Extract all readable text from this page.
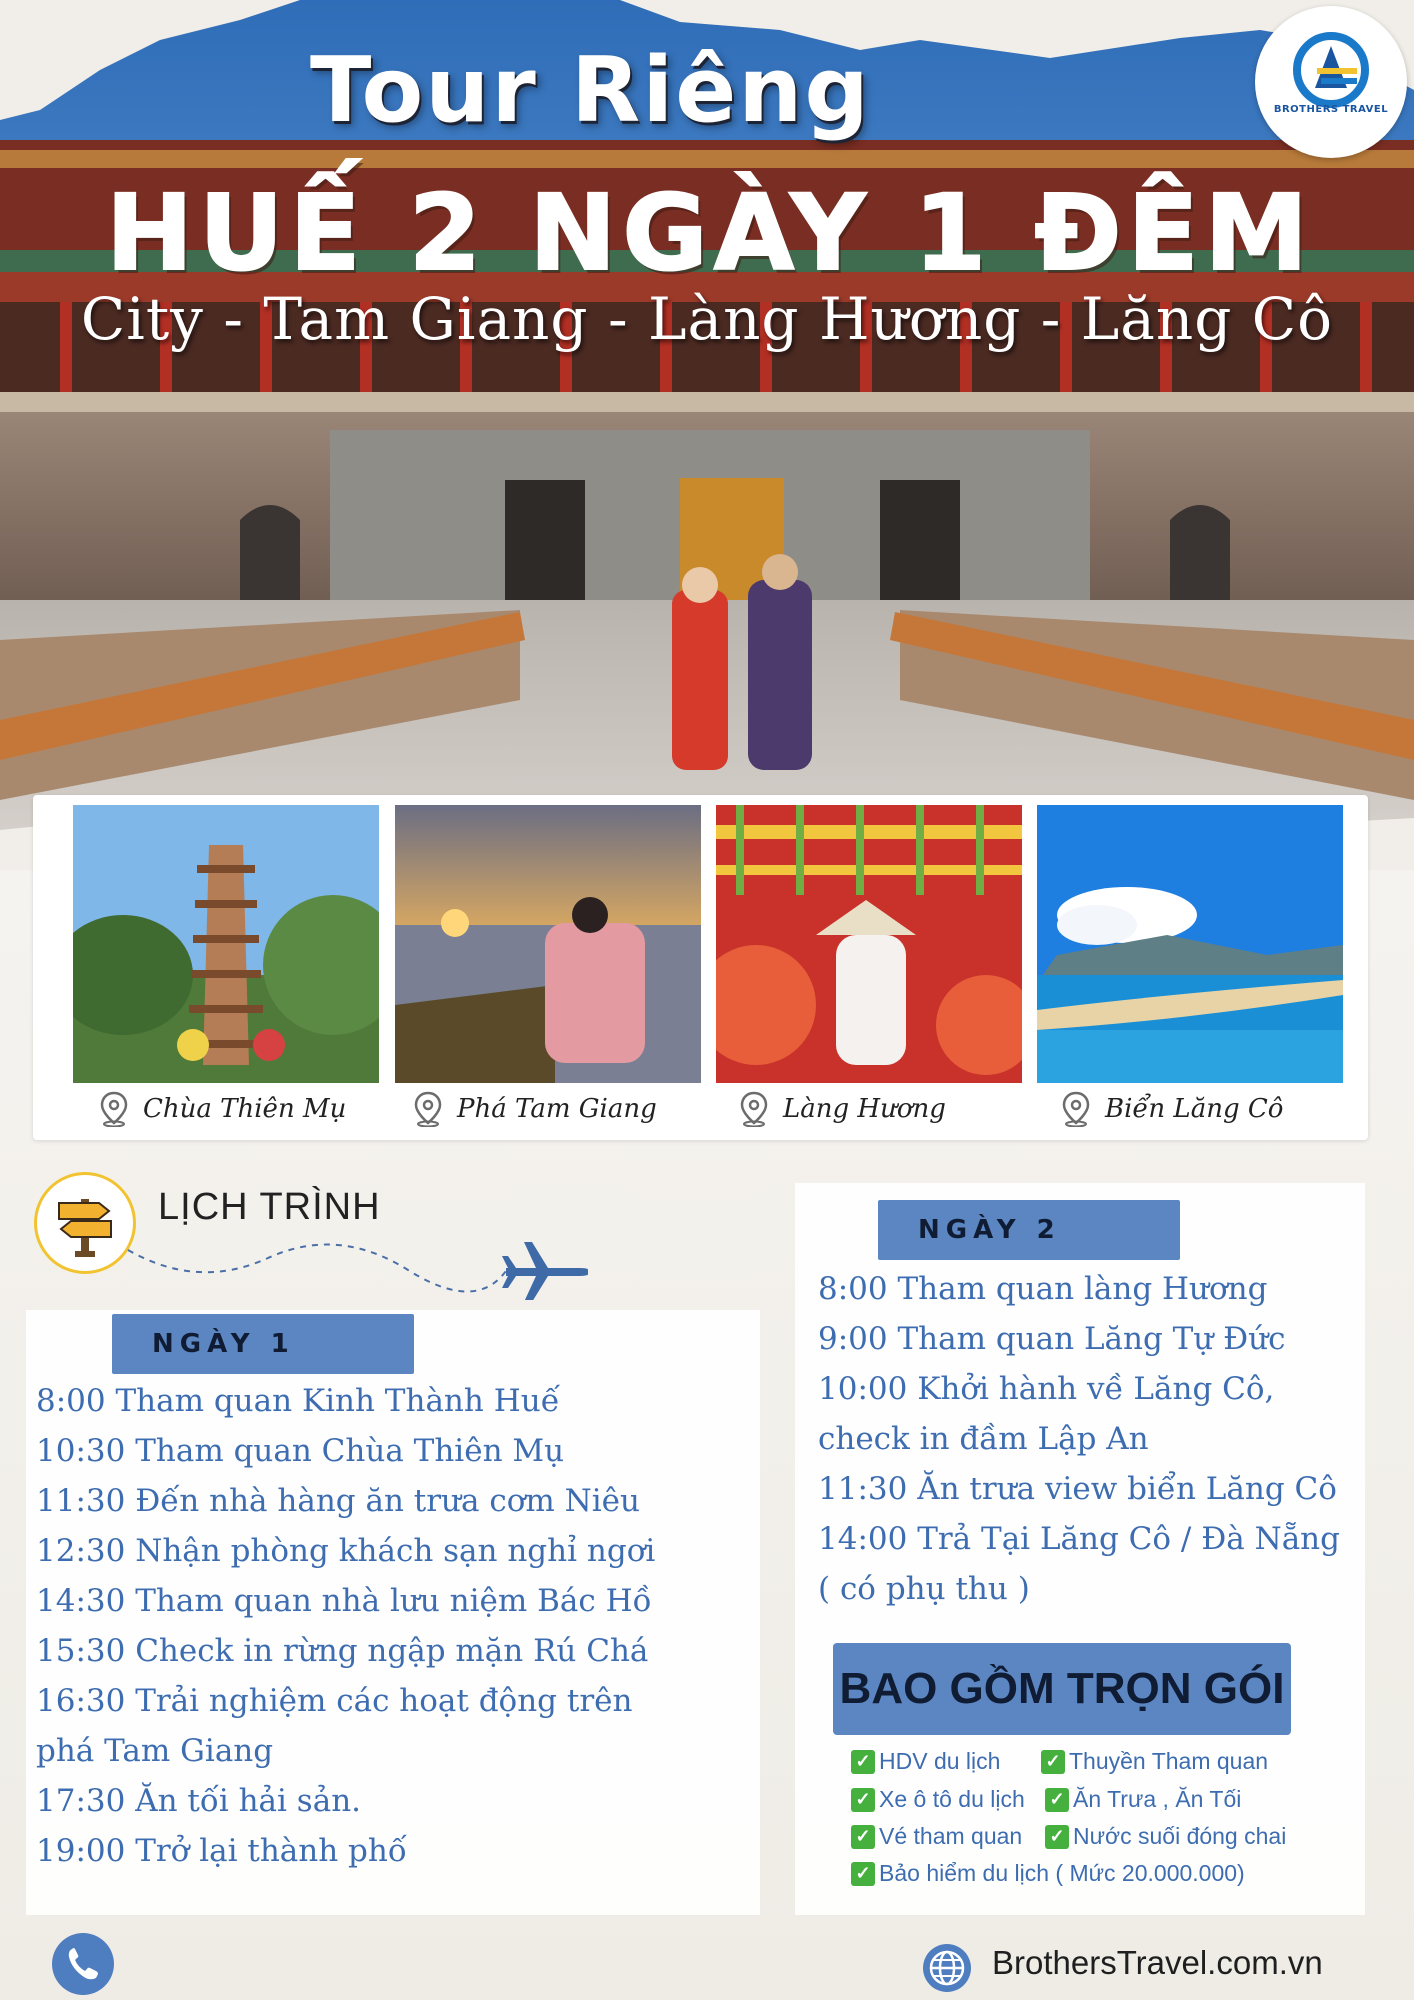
Tour Riêng
HUẾ 2 NGÀY 1 ĐÊM
City - Tam Giang - Làng Hương - Lăng Cô
BROTHERS TRAVEL
Chùa Thiên Mụ	Phá Tam Giang	Làng Hương	Biển Lăng Cô
LỊCH TRÌNH
NGÀY 1
8:00 Tham quan Kinh Thành Huế
10:30 Tham quan Chùa Thiên Mụ
11:30 Đến nhà hàng ăn trưa cơm Niêu
12:30 Nhận phòng khách sạn nghỉ ngơi
14:30 Tham quan nhà lưu niệm Bác Hồ
15:30 Check in rừng ngập mặn Rú Chá
16:30 Trải nghiệm các hoạt động trên
phá Tam Giang
17:30 Ăn tối hải sản.
19:00 Trở lại thành phố
NGÀY 2
8:00 Tham quan làng Hương
9:00 Tham quan Lăng Tự Đức
10:00 Khởi hành về Lăng Cô,
check in đầm Lập An
11:30 Ăn trưa view biển Lăng Cô
14:00 Trả Tại Lăng Cô / Đà Nẵng
( có phụ thu )
BAO GỒM TRỌN GÓI
✓ HDV du lịch	✓ Thuyền Tham quan
✓ Xe ô tô du lịch ✓ Ăn Trưa , Ăn Tối
✓ Vé tham quan ✓ Nước suối đóng chai
✓ Bảo hiểm du lịch ( Mức 20.000.000)
BrothersTravel.com.vn
